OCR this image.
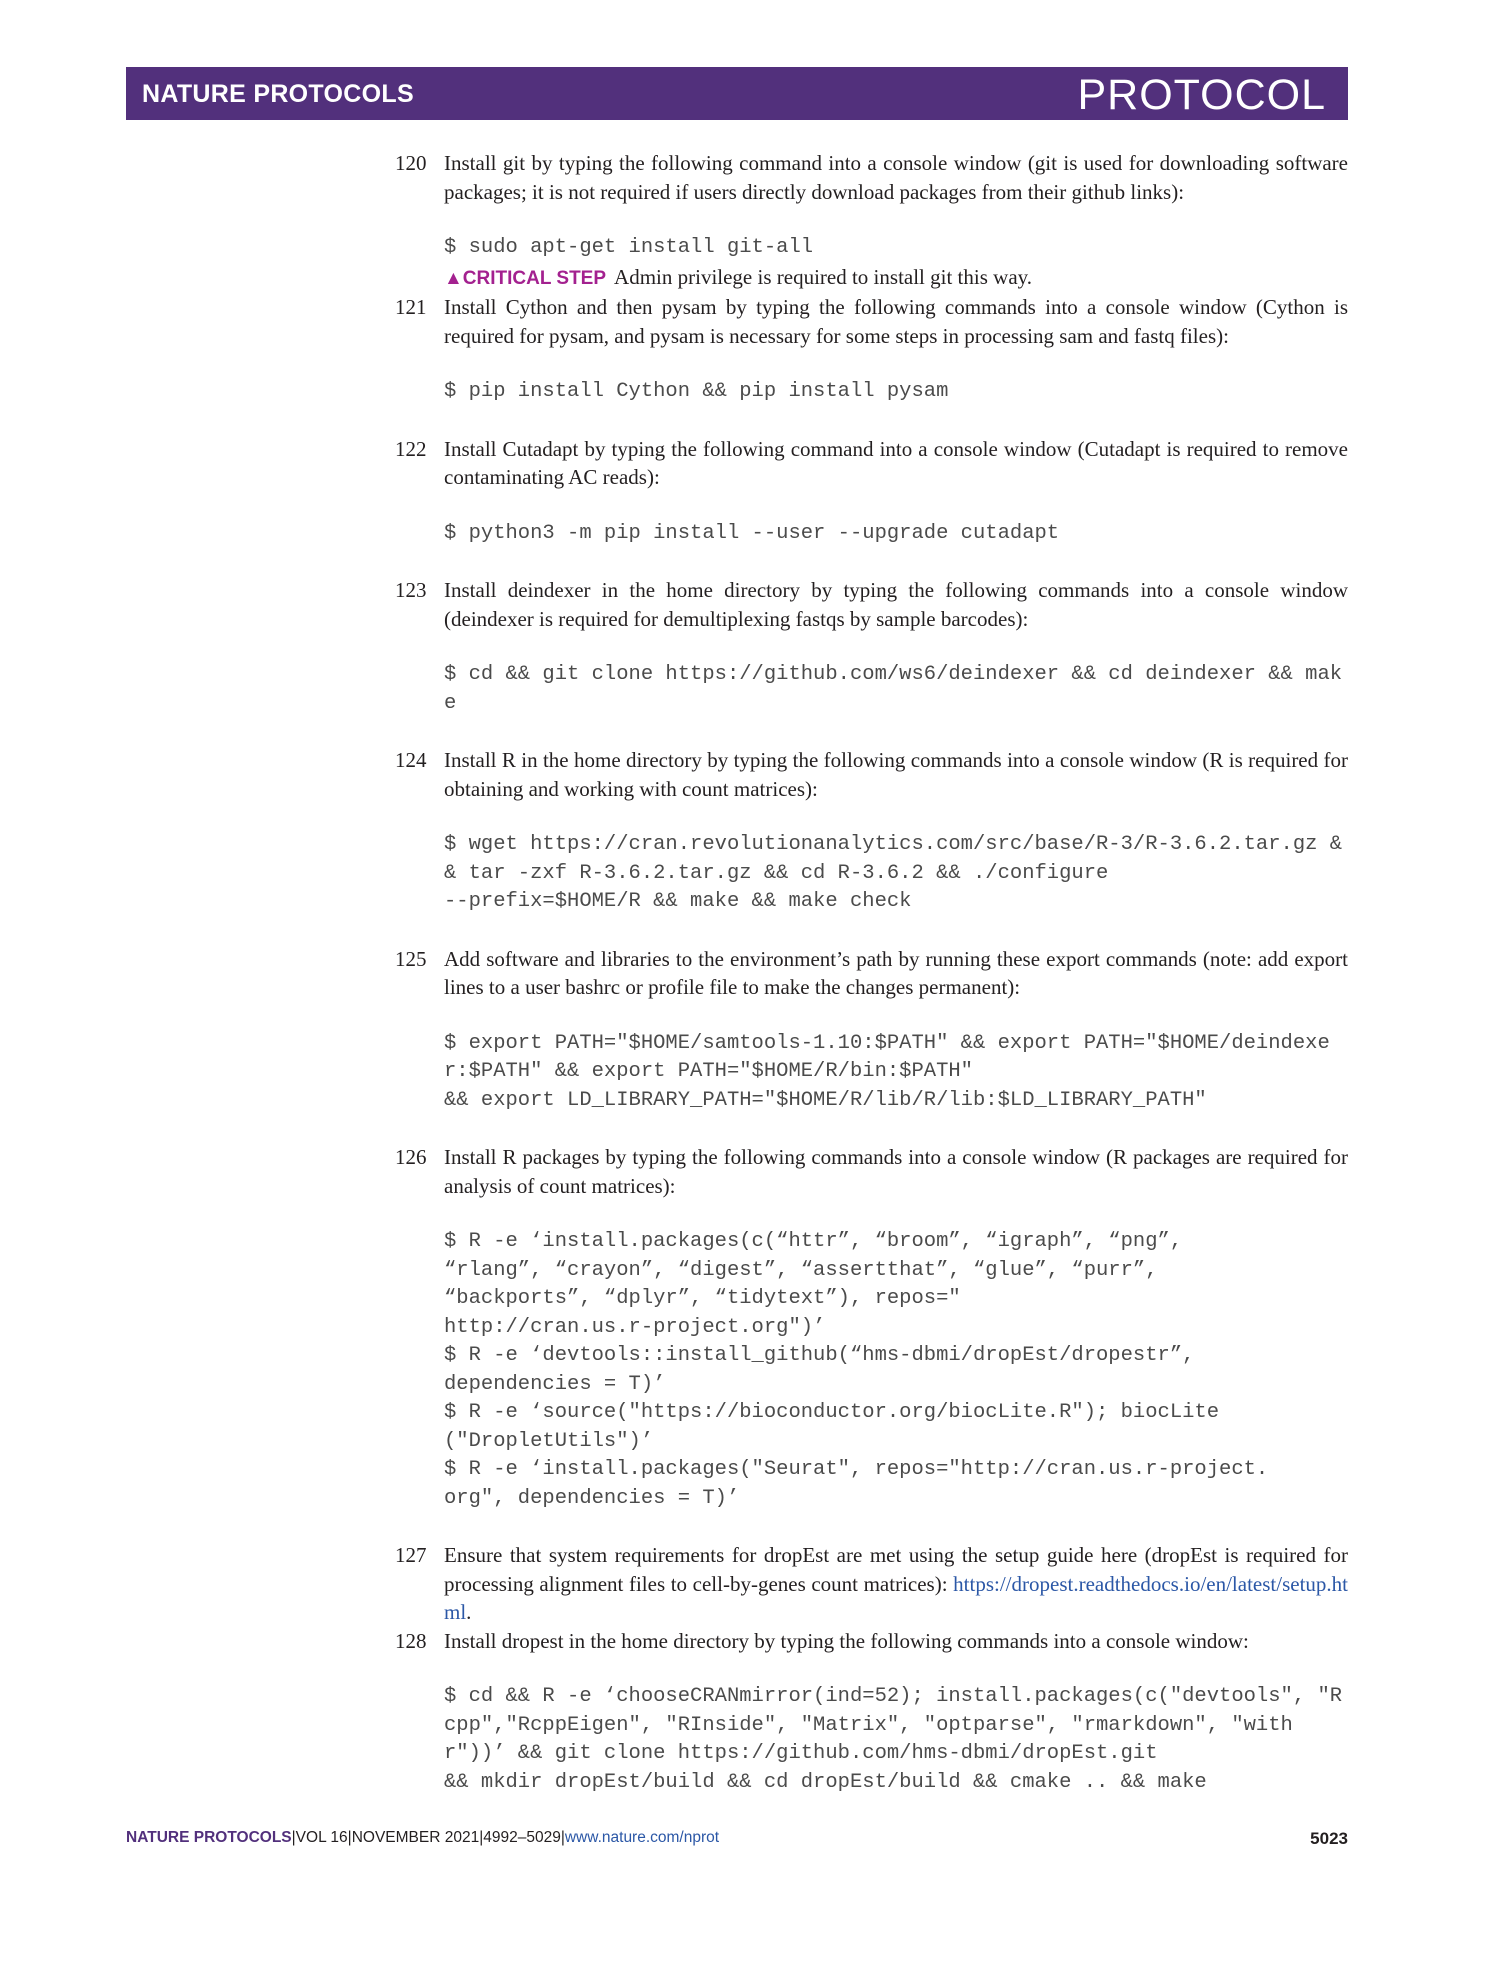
NATURE PROTOCOLS	PROTOCOL
120 Install git by typing the following command into a console window (git is used for downloading software packages; it is not required if users directly download packages from their github links):

$ sudo apt-get install git-all

▲CRITICAL STEP Admin privilege is required to install git this way.

121 Install Cython and then pysam by typing the following commands into a console window (Cython is required for pysam, and pysam is necessary for some steps in processing sam and fastq files):

$ pip install Cython && pip install pysam
122 Install Cutadapt by typing the following command into a console window (Cutadapt is required to remove contaminating AC reads):

$ python3 -m pip install --user --upgrade cutadapt
123 Install deindexer in the home directory by typing the following commands into a console window (deindexer is required for demultiplexing fastqs by sample barcodes):

$ cd && git clone https://github.com/ws6/deindexer && cd deindexer && make
124 Install R in the home directory by typing the following commands into a console window (R is required for obtaining and working with count matrices):

$ wget https://cran.revolutionanalytics.com/src/base/R-3/R-3.6.2.tar.gz && tar -zxf R-3.6.2.tar.gz && cd R-3.6.2 && ./configure
--prefix=$HOME/R && make && make check
125 Add software and libraries to the environment’s path by running these export commands (note: add export lines to a user bashrc or profile file to make the changes permanent):

$ export PATH="$HOME/samtools-1.10:$PATH" && export PATH="$HOME/deindexer:$PATH" && export PATH="$HOME/R/bin:$PATH"
&& export LD_LIBRARY_PATH="$HOME/R/lib/R/lib:$LD_LIBRARY_PATH"
126 Install R packages by typing the following commands into a console window (R packages are required for analysis of count matrices):

$ R -e ‘install.packages(c(“httr”, “broom”, “igraph”, “png”,
“rlang”, “crayon”, “digest”, “assertthat”, “glue”, “purr”,
“backports”, “dplyr”, “tidytext”), repos="
http://cran.us.r-project.org")’
$ R -e ‘devtools::install_github(“hms-dbmi/dropEst/dropestr”,
dependencies = T)’
$ R -e ‘source("https://bioconductor.org/biocLite.R"); biocLite
("DropletUtils")’
$ R -e ‘install.packages("Seurat", repos="http://cran.us.r-project.
org", dependencies = T)’
127 Ensure that system requirements for dropEst are met using the setup guide here (dropEst is required for processing alignment files to cell-by-genes count matrices): https://dropest.readthedocs.io/en/latest/setup.html.

128 Install dropest in the home directory by typing the following commands into a console window:

$ cd && R -e ‘chooseCRANmirror(ind=52); install.packages(c("devtools", "Rcpp","RcppEigen", "RInside", "Matrix", "optparse", "rmarkdown", "withr"))’ && git clone https://github.com/hms-dbmi/dropEst.git
&& mkdir dropEst/build && cd dropEst/build && cmake .. && make
NATURE PROTOCOLS|VOL 16|NOVEMBER 2021|4992–5029|www.nature.com/nprot	5023
